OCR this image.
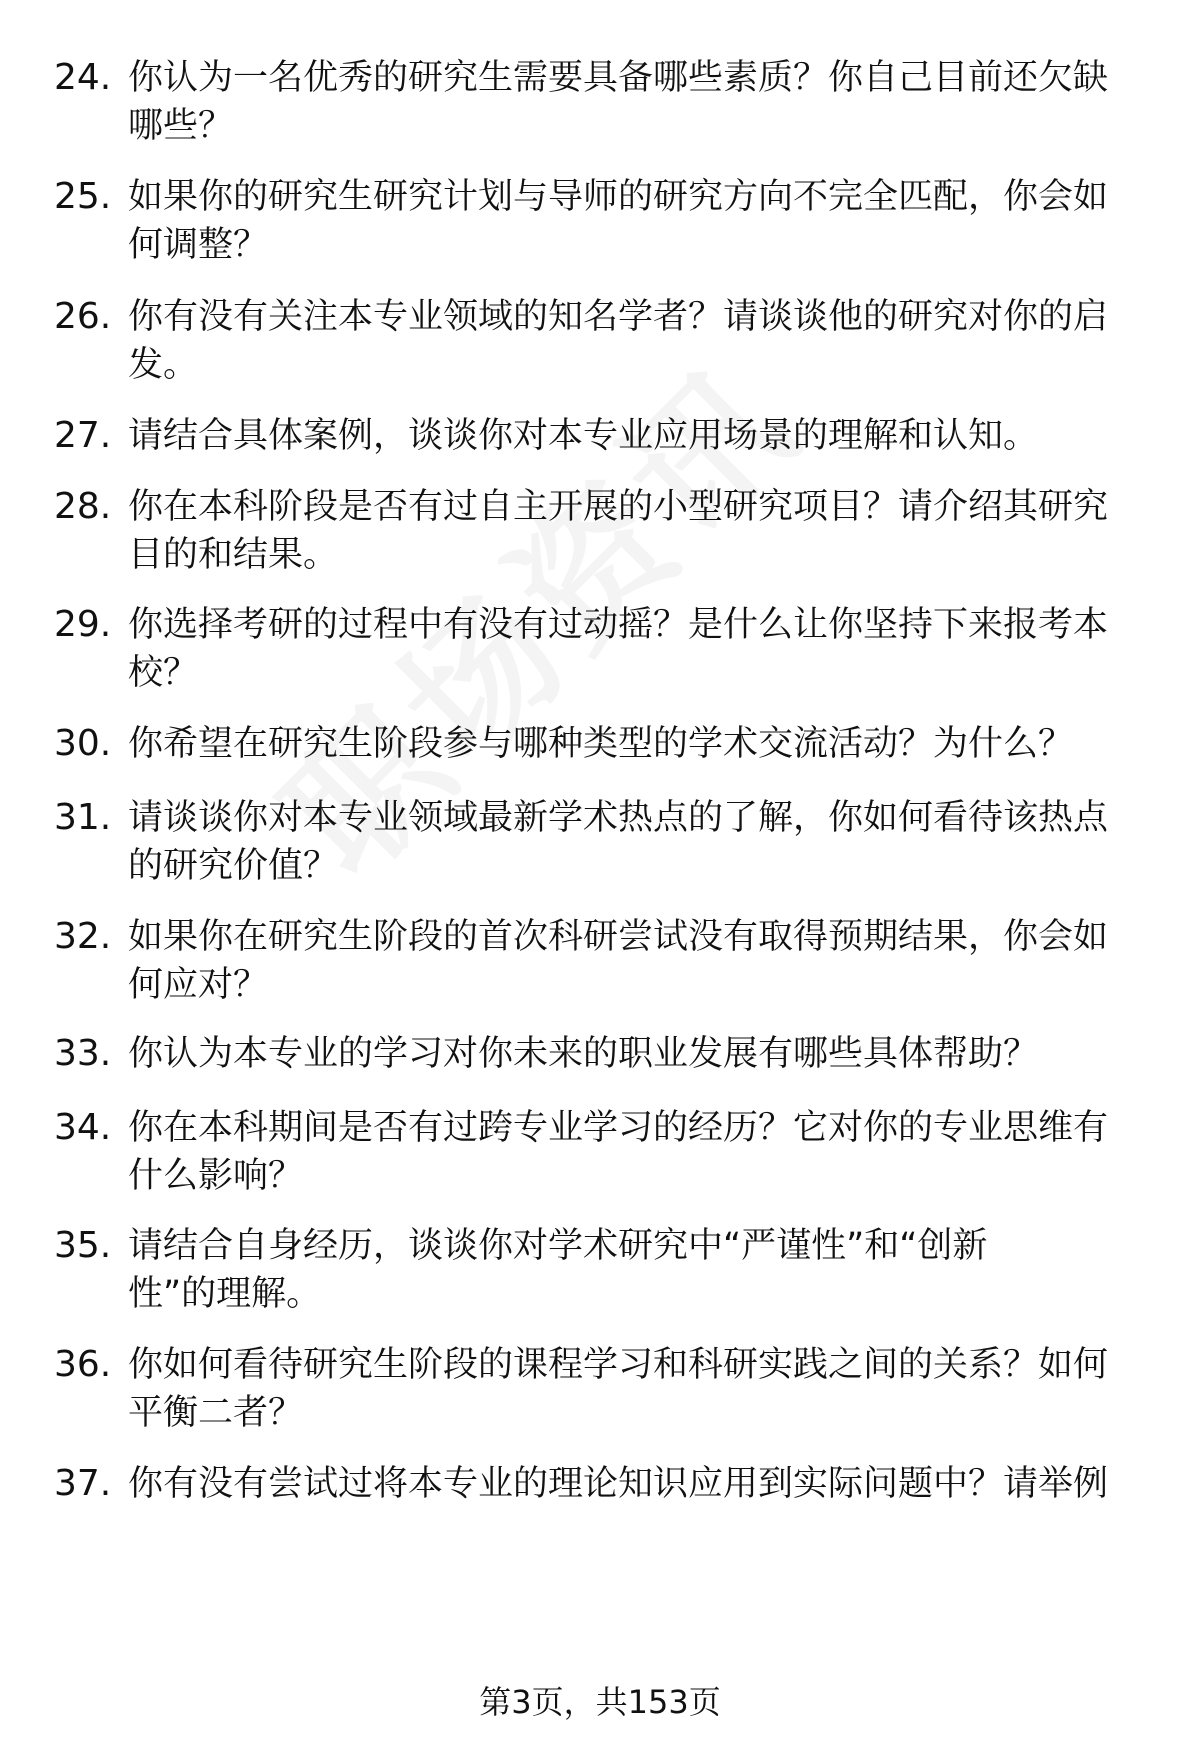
24. 你认为一名优秀的研究生需要具备哪些素质？你自己目前还欠缺
哪些？
25. 如果你的研究生研究计划与导师的研究方向不完全匹配，你会如
何调整？
26. 你有没有关注本专业领域的知名学者？请谈谈他的研究对你的启
发。
27. 请结合具体案例，谈谈你对本专业应用场景的理解和认知。
28. 你在本科阶段是否有过自主开展的小型研究项目？请介绍其研究
目的和结果。
29. 你选择考研的过程中有没有过动摇？是什么让你坚持下来报考本
校？
30. 你希望在研究生阶段参与哪种类型的学术交流活动？为什么？
31. 请谈谈你对本专业领域最新学术热点的了解，你如何看待该热点
的研究价值？
32. 如果你在研究生阶段的首次科研尝试没有取得预期结果，你会如
何应对？
33. 你认为本专业的学习对你未来的职业发展有哪些具体帮助？
34. 你在本科期间是否有过跨专业学习的经历？它对你的专业思维有
什么影响？
35. 请结合自身经历，谈谈你对学术研究中“严谨性”和“创新
性”的理解。
36. 你如何看待研究生阶段的课程学习和科研实践之间的关系？如何
平衡二者？
37. 你有没有尝试过将本专业的理论知识应用到实际问题中？请举例
第3页，共153页
